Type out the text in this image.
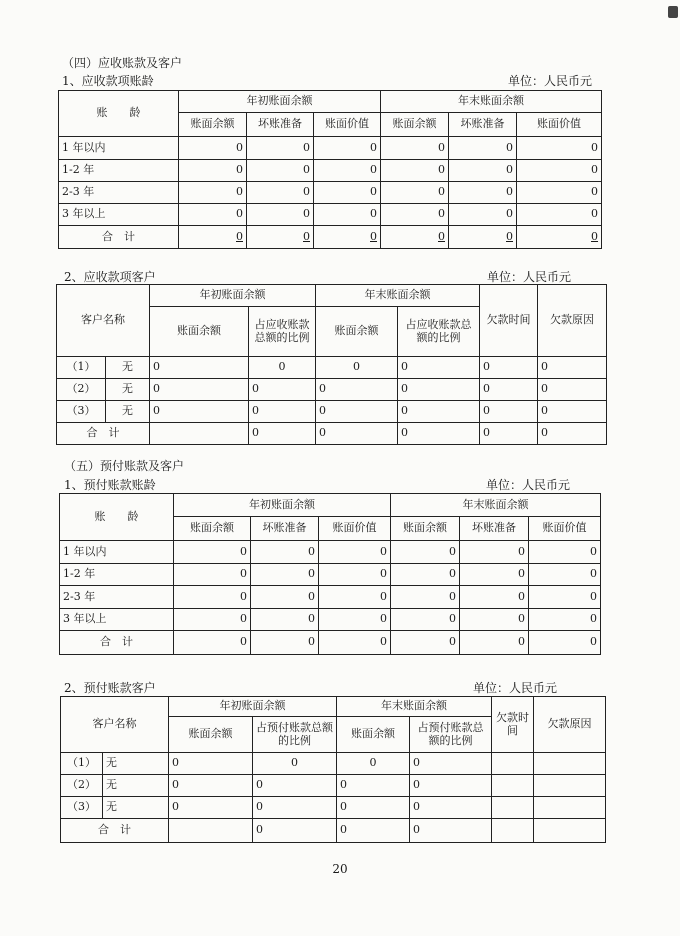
（四）应收账款及客户
1、应收款项账龄	单位：人民币元
账　　龄	年初账面余额			年末账面余额		
	账面余额	坏账准备	账面价值	账面余额	坏账准备	账面价值
1 年以内	0	0	0	0	0	0
1-2 年	0	0	0	0	0	0
2-3 年	0	0	0	0	0	0
3 年以上	0	0	0	0	0	0
合　计	0	0	0	0	0	0
2、应收款项客户	单位：人民币元
客户名称		年初账面余额		年末账面余额		欠款时间	欠款原因
		账面余额	占应收账款总额的比例	账面余额	占应收账款总额的比例		
（1）	无	0	0	0	0	0	0
（2）	无	0	0	0	0	0	0
（3）	无	0	0	0	0	0	0
合　计			0	0	0	0	0
（五）预付账款及客户
1、预付账款账龄	单位：人民币元
账　　龄	年初账面余额			年末账面余额		
	账面余额	坏账准备	账面价值	账面余额	坏账准备	账面价值
1 年以内	0	0	0	0	0	0
1-2 年	0	0	0	0	0	0
2-3 年	0	0	0	0	0	0
3 年以上	0	0	0	0	0	0
合　计	0	0	0	0	0	0
2、预付账款客户	单位：人民币元
客户名称		年初账面余额		年末账面余额		欠款时间	欠款原因
		账面余额	占预付账款总额的比例	账面余额	占预付账款总额的比例		
（1）	无	0	0	0	0		
（2）	无	0	0	0	0		
（3）	无	0	0	0	0		
合　计			0	0	0		
20
